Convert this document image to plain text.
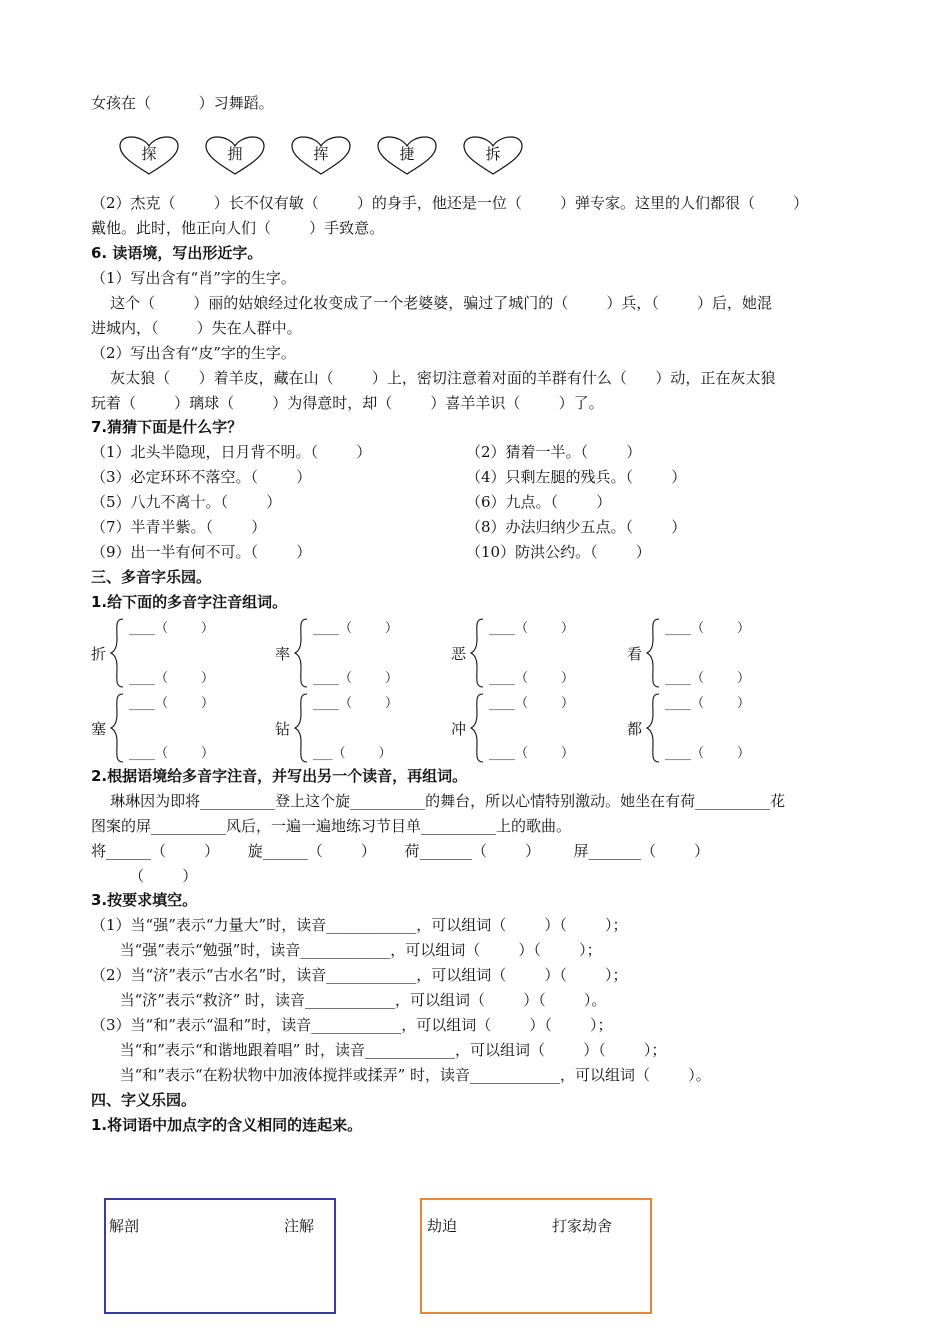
女孩在（          ）习舞蹈。
探	拥	挥	捷	拆
（2）杰克（        ）长不仅有敏（        ）的身手，他还是一位（        ）弹专家。这里的人们都很（        ）
戴他。此时，他正向人们（        ）手致意。
6. 读语境，写出形近字。
（1）写出含有“肖”字的生字。
这个（        ）丽的姑娘经过化妆变成了一个老婆婆，骗过了城门的（        ）兵，（        ）后，她混
进城内，（        ）失在人群中。
（2）写出含有“皮”字的生字。
灰太狼（      ）着羊皮，藏在山（        ）上，密切注意着对面的羊群有什么（      ）动，正在灰太狼
玩着（        ）璃球（        ）为得意时，却（        ）喜羊羊识（        ）了。
7.猜猜下面是什么字？
（1）北头半隐现，日月背不明。（        ）	（2）猜着一半。（        ）
（3）必定环环不落空。（        ）	（4）只剩左腿的残兵。（        ）
（5）八九不离十。（        ）	（6）九点。（        ）
（7）半青半紫。（        ）	（8）办法归纳少五点。（        ）
（9）出一半有何不可。（        ）	（10）防洪公约。（        ）
三、多音字乐园。
1.给下面的多音字注音组词。
折
____（        ）
____（        ）
率
____（        ）
____（        ）
恶
____（        ）
____（        ）
看
____（        ）
____（        ）
塞
____（        ）
____（        ）
钻
____（        ）
___（        ）
冲
____（        ）
____（        ）
都
____（        ）
____（        ）
2.根据语境给多音字注音，并写出另一个读音，再组词。
琳琳因为即将__________登上这个旋__________的舞台，所以心情特别激动。她坐在有荷__________花
图案的屏__________风后，一遍一遍地练习节目单__________上的歌曲。
将______（        ）      旋______（        ）      荷_______（        ）       屏_______（        ）
（        ）
3.按要求填空。
（1）当“强”表示“力量大”时，读音____________，可以组词（        ）（        ）；
当“强”表示“勉强”时，读音____________，可以组词（        ）（        ）；
（2）当“济”表示“古水名”时，读音____________，可以组词（        ）（        ）；
当“济”表示“救济” 时，读音____________，可以组词（        ）（        ）。
（3）当“和”表示“温和”时，读音____________，可以组词（        ）（        ）；
当“和”表示“和谐地跟着唱” 时，读音____________，可以组词（        ）（        ）；
当“和”表示“在粉状物中加液体搅拌或揉弄” 时，读音____________，可以组词（        ）。
四、字义乐园。
1.将词语中加点字的含义相同的连起来。
解剖	注解	劫迫	打家劫舍
